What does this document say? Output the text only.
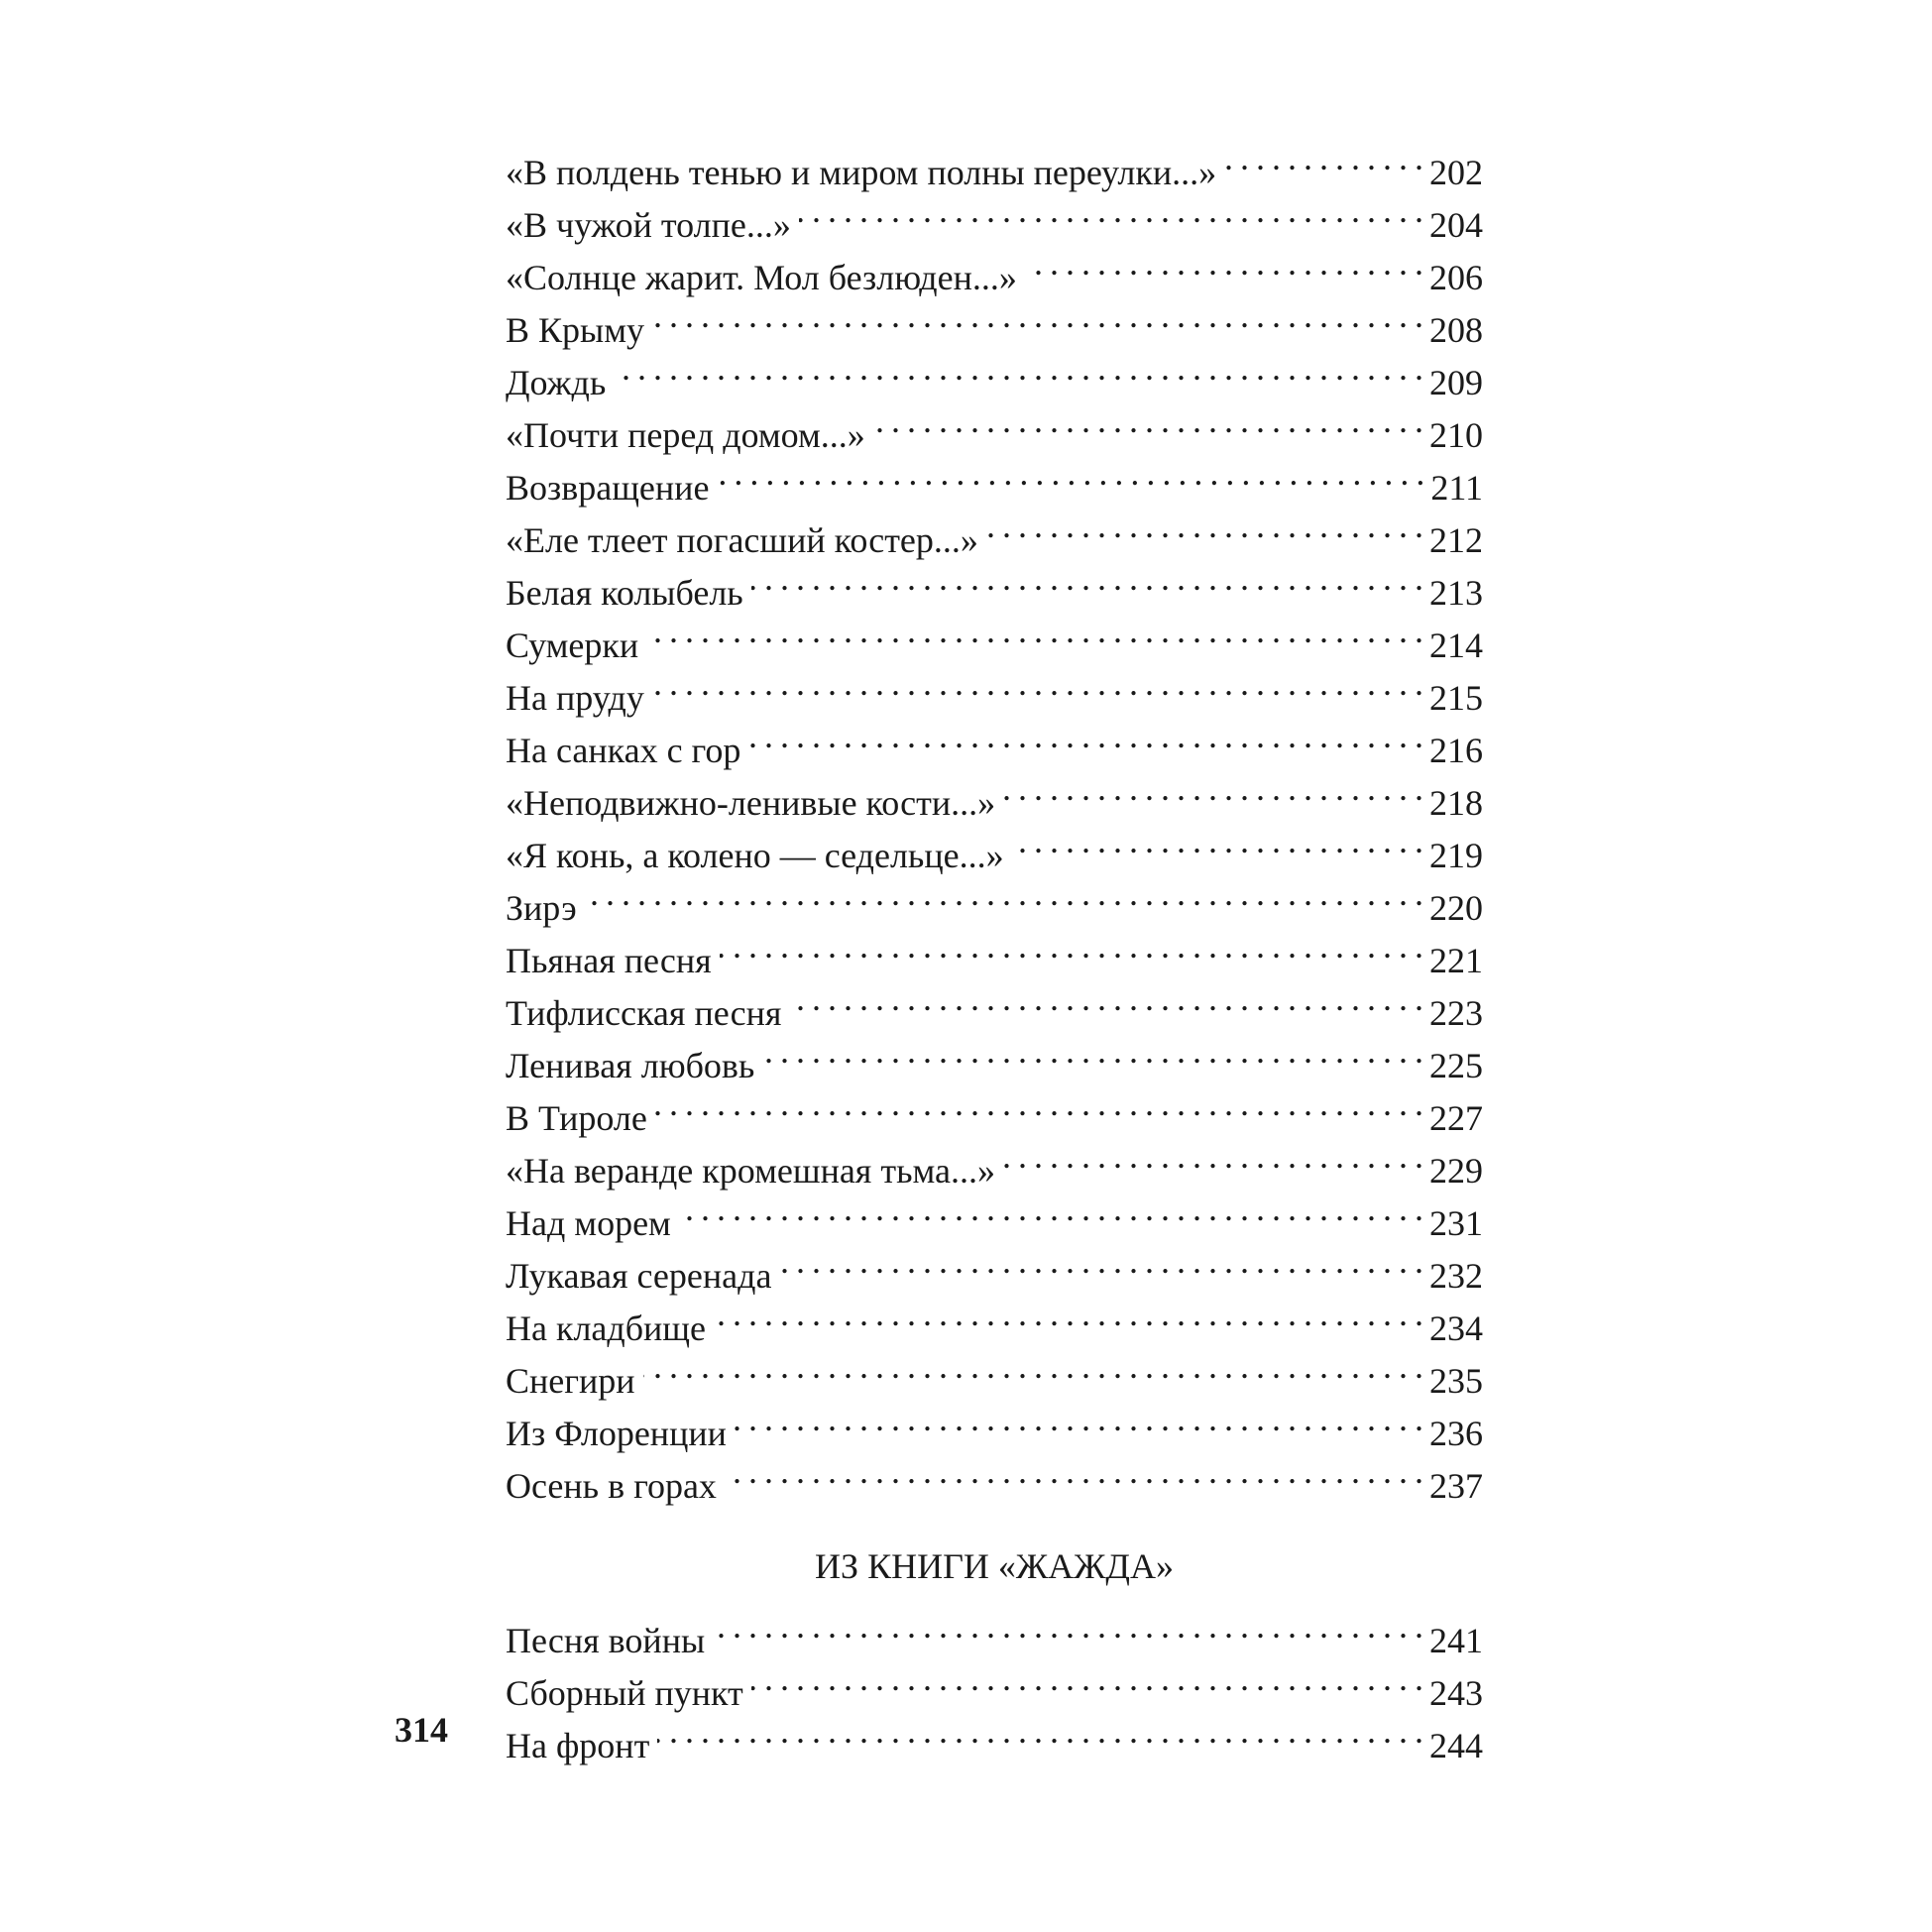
«В полдень тенью и миром полны переулки...» . . .	202
«В чужой толпе...» . . .	204
«Солнце жарит. Мол безлюден...» . . .	206
В Крыму . . .	208
Дождь . . .	209
«Почти перед домом...» . . .	210
Возвращение . . .	211
«Еле тлеет погасший костер...» . . .	212
Белая колыбель . . .	213
Сумерки . . .	214
На пруду . . .	215
На санках с гор . . .	216
«Неподвижно-ленивые кости...» . . .	218
«Я конь, а колено — седельце...» . . .	219
Зирэ . . .	220
Пьяная песня . . .	221
Тифлисская песня . . .	223
Ленивая любовь . . .	225
В Тироле . . .	227
«На веранде кромешная тьма...» . . .	229
Над морем . . .	231
Лукавая серенада . . .	232
На кладбище . . .	234
Снегири . . .	235
Из Флоренции . . .	236
Осень в горах . . .	237
ИЗ КНИГИ «ЖАЖДА»
Песня войны . . .	241
Сборный пункт . . .	243
На фронт . . .	244
314
